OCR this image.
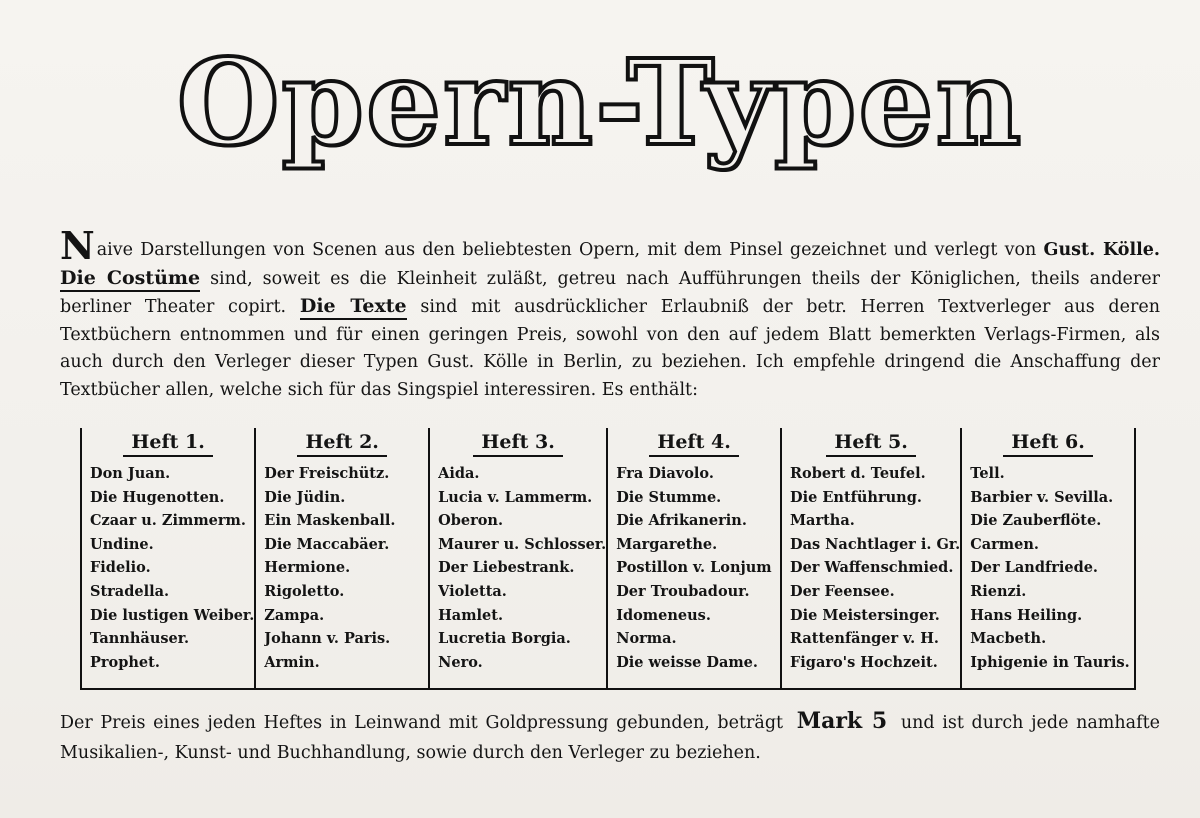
Opern-Typen
Naive Darstellungen von Scenen aus den beliebtesten Opern, mit dem Pinsel gezeichnet und verlegt von Gust. Kölle. Die Costüme sind, soweit es die Kleinheit zuläßt, getreu nach Aufführungen theils der Königlichen, theils anderer berliner Theater copirt. Die Texte sind mit ausdrücklicher Erlaubniß der betr. Herren Textverleger aus deren Textbüchern entnommen und für einen geringen Preis, sowohl von den auf jedem Blatt bemerkten Verlags-Firmen, als auch durch den Verleger dieser Typen Gust. Kölle in Berlin, zu beziehen. Ich empfehle dringend die Anschaffung der Textbücher allen, welche sich für das Singspiel interessiren. Es enthält:
Heft 1.
Don Juan.
Die Hugenotten.
Czaar u. Zimmerm.
Undine.
Fidelio.
Stradella.
Die lustigen Weiber.
Tannhäuser.
Prophet.
Heft 2.
Der Freischütz.
Die Jüdin.
Ein Maskenball.
Die Maccabäer.
Hermione.
Rigoletto.
Zampa.
Johann v. Paris.
Armin.
Heft 3.
Aida.
Lucia v. Lammerm.
Oberon.
Maurer u. Schlosser.
Der Liebestrank.
Violetta.
Hamlet.
Lucretia Borgia.
Nero.
Heft 4.
Fra Diavolo.
Die Stumme.
Die Afrikanerin.
Margarethe.
Postillon v. Lonjum
Der Troubadour.
Idomeneus.
Norma.
Die weisse Dame.
Heft 5.
Robert d. Teufel.
Die Entführung.
Martha.
Das Nachtlager i. Gr.
Der Waffenschmied.
Der Feensee.
Die Meistersinger.
Rattenfänger v. H.
Figaro's Hochzeit.
Heft 6.
Tell.
Barbier v. Sevilla.
Die Zauberflöte.
Carmen.
Der Landfriede.
Rienzi.
Hans Heiling.
Macbeth.
Iphigenie in Tauris.
Der Preis eines jeden Heftes in Leinwand mit Goldpressung gebunden, beträgt Mark 5 und ist durch jede namhafte Musikalien-, Kunst- und Buchhandlung, sowie durch den Verleger zu beziehen.
